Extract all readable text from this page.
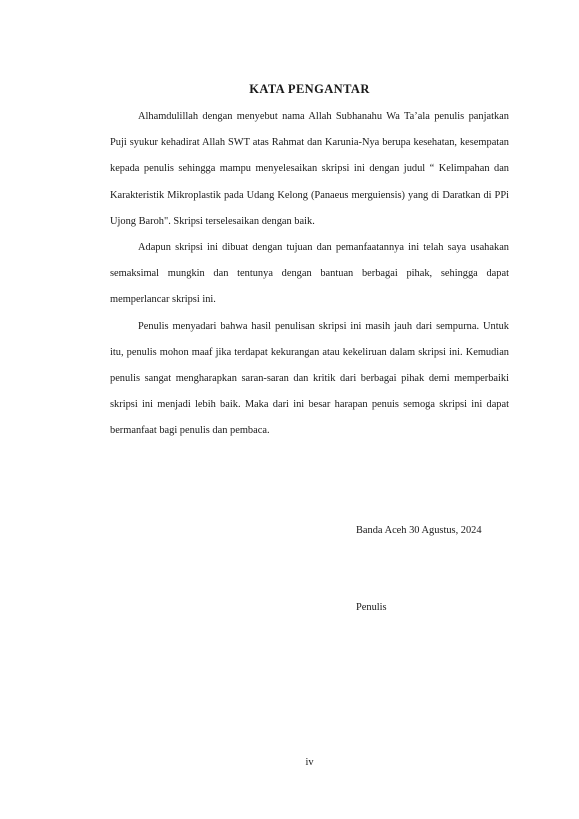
KATA PENGANTAR

Alhamdulillah dengan menyebut nama Allah Subhanahu Wa Ta’ala penulis panjatkan Puji syukur kehadirat Allah SWT atas Rahmat dan Karunia-Nya berupa kesehatan, kesempatan kepada penulis sehingga mampu menyelesaikan skripsi ini dengan judul “ Kelimpahan dan Karakteristik Mikroplastik pada Udang Kelong (Panaeus merguiensis) yang di Daratkan di PPi Ujong Baroh". Skripsi terselesaikan dengan baik.

Adapun skripsi ini dibuat dengan tujuan dan pemanfaatannya ini telah saya usahakan semaksimal mungkin dan tentunya dengan bantuan berbagai pihak, sehingga dapat memperlancar skripsi ini.

Penulis menyadari bahwa hasil penulisan skripsi ini masih jauh dari sempurna. Untuk itu, penulis mohon maaf jika terdapat kekurangan atau kekeliruan dalam skripsi ini. Kemudian penulis sangat mengharapkan saran-saran dan kritik dari berbagai pihak demi memperbaiki skripsi ini menjadi lebih baik. Maka dari ini besar harapan penuis semoga skripsi ini dapat bermanfaat bagi penulis dan pembaca.

Banda Aceh 30 Agustus, 2024

Penulis

iv
